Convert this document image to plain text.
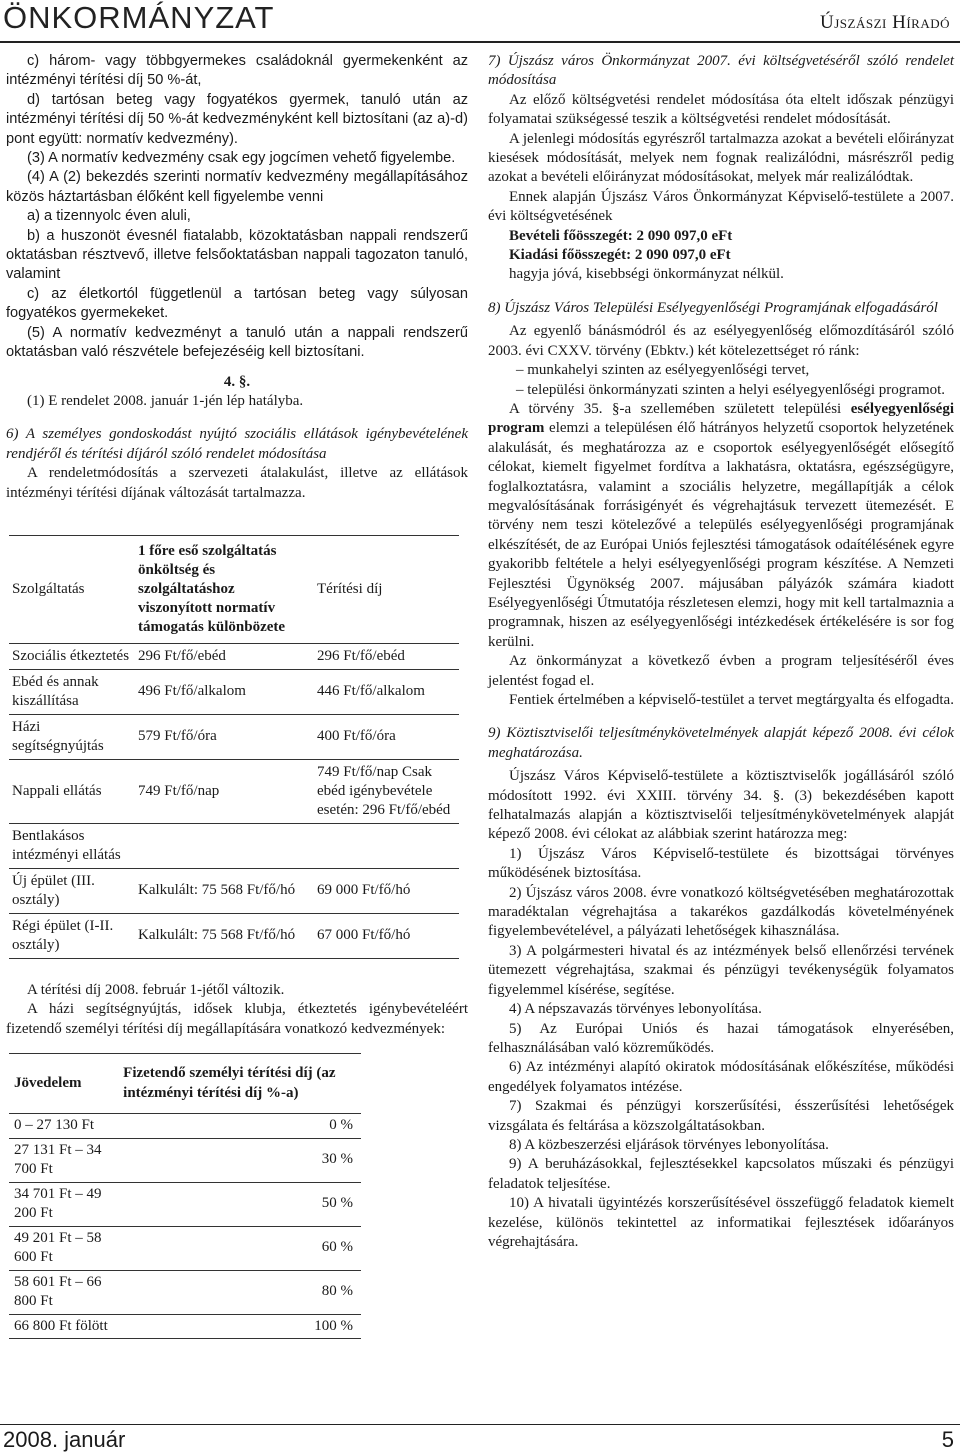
ÖNKORMÁNYZAT	Újszászi Híradó

c) három- vagy többgyermekes családoknál gyermekenként az intézményi térítési díj 50 %-át,

d) tartósan beteg vagy fogyatékos gyermek, tanuló után az intézményi térítési díj 50 %-át kedvezményként kell biztosítani (az a)-d) pont együtt: normatív kedvezmény).

(3) A normatív kedvezmény csak egy jogcímen vehető figyelembe.

(4) A (2) bekezdés szerinti normatív kedvezmény megállapításához közös háztartásban élőként kell figyelembe venni

a) a tizennyolc éven aluli,

b) a huszonöt évesnél fiatalabb, közoktatásban nappali rendszerű oktatásban résztvevő, illetve felsőoktatásban nappali tagozaton tanuló, valamint

c) az életkortól függetlenül a tartósan beteg vagy súlyosan fogyatékos gyermekeket.

(5) A normatív kedvezményt a tanuló után a nappali rendszerű oktatásban való részvétele befejezéséig kell biztosítani.

4. §.

(1) E rendelet 2008. január 1-jén lép hatályba.

6) A személyes gondoskodást nyújtó szociális ellátások igénybevételének rendjéről és térítési díjáról szóló rendelet módosítása

A rendeletmódosítás a szervezeti átalakulást, illetve az ellátások intézményi térítési díjának változását tartalmazza.

Szolgáltatás	1 főre eső szolgáltatás önköltség és szolgáltatáshoz viszonyított normatív támogatás különbözete	Térítési díj
Szociális étkeztetés	296 Ft/fő/ebéd	296 Ft/fő/ebéd
Ebéd és annak kiszállítása	496 Ft/fő/alkalom	446 Ft/fő/alkalom
Házi segítségnyújtás	579 Ft/fő/óra	400 Ft/fő/óra
Nappali ellátás	749 Ft/fő/nap	749 Ft/fő/nap Csak ebéd igénybevétele esetén: 296 Ft/fő/ebéd
Bentlakásos intézményi ellátás		
Új épület (III. osztály)	Kalkulált: 75 568 Ft/fő/hó	69 000 Ft/fő/hó
Régi épület (I-II. osztály)	Kalkulált: 75 568 Ft/fő/hó	67 000 Ft/fő/hó

A térítési díj 2008. február 1-jétől változik.

A házi segítségnyújtás, idősek klubja, étkeztetés igénybevételéért fizetendő személyi térítési díj megállapítására vonatkozó kedvezmények:

Jövedelem	Fizetendő személyi térítési díj (az intézményi térítési díj %-a)
0 – 27 130 Ft	0 %
27 131 Ft – 34 700 Ft	30 %
34 701 Ft – 49 200 Ft	50 %
49 201 Ft – 58 600 Ft	60 %
58 601 Ft – 66 800 Ft	80 %
66 800 Ft fölött	100 %

7) Újszász város Önkormányzat 2007. évi költségvetéséről szóló rendelet módosítása

Az előző költségvetési rendelet módosítása óta eltelt időszak pénzügyi folyamatai szükségessé teszik a költségvetési rendelet módosítását.

A jelenlegi módosítás egyrészről tartalmazza azokat a bevételi előirányzat kiesések módosítását, melyek nem fognak realizálódni, másrészről pedig azokat a bevételi előirányzat módosításokat, melyek már realizálódtak.

Ennek alapján Újszász Város Önkormányzat Képviselő-testülete a 2007. évi költségvetésének

Bevételi főösszegét: 2 090 097,0 eFt

Kiadási főösszegét: 2 090 097,0 eFt

hagyja jóvá, kisebbségi önkormányzat nélkül.

8) Újszász Város Települési Esélyegyenlőségi Programjának elfogadásáról

Az egyenlő bánásmódról és az esélyegyenlőség előmozdításáról szóló 2003. évi CXXV. törvény (Ebktv.) két kötelezettséget ró ránk:

– munkahelyi szinten az esélyegyenlőségi tervet,

– települési önkormányzati szinten a helyi esélyegyenlőségi programot.

A törvény 35. §-a szellemében született települési esélyegyenlőségi program elemzi a településen élő hátrányos helyzetű csoportok helyzetének alakulását, és meghatározza az e csoportok esélyegyenlőségét elősegítő célokat, kiemelt figyelmet fordítva a lakhatásra, oktatásra, egészségügyre, foglalkoztatásra, valamint a szociális helyzetre, megállapítják a célok megvalósításának forrásigényét és végrehajtásuk tervezett ütemezését. E törvény nem teszi kötelezővé a település esélyegyenlőségi programjának elkészítését, de az Európai Uniós fejlesztési támogatások odaítélésének egyre gyakoribb feltétele a helyi esélyegyenlőségi program készítése. A Nemzeti Fejlesztési Ügynökség 2007. májusában pályázók számára kiadott Esélyegyenlőségi Útmutatója részletesen elemzi, hogy mit kell tartalmaznia a programnak, hiszen az esélyegyenlőségi intézkedések értékelésére is sor fog kerülni.

Az önkormányzat a következő évben a program teljesítéséről éves jelentést fogad el.

Fentiek értelmében a képviselő-testület a tervet megtárgyalta és elfogadta.

9) Köztisztviselői teljesítménykövetelmények alapját képező 2008. évi célok meghatározása.

Újszász Város Képviselő-testülete a köztisztviselők jogállásáról szóló módosított 1992. évi XXIII. törvény 34. §. (3) bekezdésében kapott felhatalmazás alapján a köztisztviselői teljesítménykövetelmények alapját képező 2008. évi célokat az alábbiak szerint határozza meg:

1) Újszász Város Képviselő-testülete és bizottságai törvényes működésének biztosítása.

2) Újszász város 2008. évre vonatkozó költségvetésében meghatározottak maradéktalan végrehajtása a takarékos gazdálkodás követelményének figyelembevételével, a pályázati lehetőségek kihasználása.

3) A polgármesteri hivatal és az intézmények belső ellenőrzési tervének ütemezett végrehajtása, szakmai és pénzügyi tevékenységük folyamatos figyelemmel kísérése, segítése.

4) A népszavazás törvényes lebonyolítása.

5) Az Európai Uniós és hazai támogatások elnyerésében, felhasználásában való közreműködés.

6) Az intézményi alapító okiratok módosításának előkészítése, működési engedélyek folyamatos intézése.

7) Szakmai és pénzügyi korszerűsítési, ésszerűsítési lehetőségek vizsgálata és feltárása a közszolgáltatásokban.

8) A közbeszerzési eljárások törvényes lebonyolítása.

9) A beruházásokkal, fejlesztésekkel kapcsolatos műszaki és pénzügyi feladatok teljesítése.

10) A hivatali ügyintézés korszerűsítésével összefüggő feladatok kiemelt kezelése, különös tekintettel az informatikai fejlesztések időarányos végrehajtására.

2008. január	5
